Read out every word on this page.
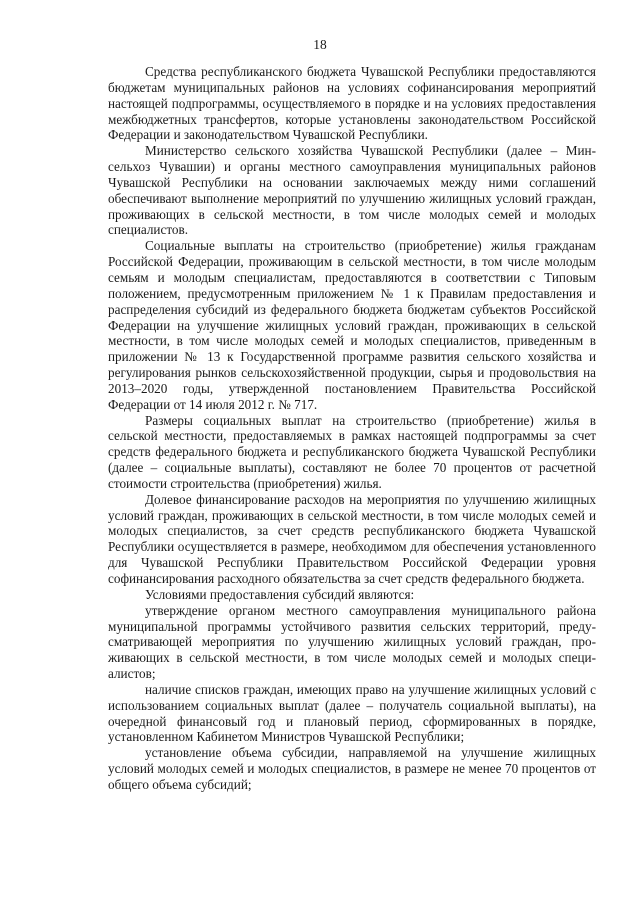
18

Средства республиканского бюджета Чувашской Республики предоставляются бюджетам муниципальных районов на условиях софинансирования мероприятий настоящей подпрограммы, осуществляемого в порядке и на условиях предоставления межбюджетных трансфертов, которые установлены законодательством Российской Федерации и законодательством Чувашской Республики.

Министерство сельского хозяйства Чувашской Республики (далее – Минсельхоз Чувашии) и органы местного самоуправления муниципальных районов Чувашской Республики на основании заключаемых между ними соглашений обеспечивают выполнение мероприятий по улучшению жилищных условий граждан, проживающих в сельской местности, в том числе молодых семей и молодых специалистов.

Социальные выплаты на строительство (приобретение) жилья гражданам Российской Федерации, проживающим в сельской местности, в том числе молодым семьям и молодым специалистам, предоставляются в соответствии с Типовым положением, предусмотренным приложением № 1 к Правилам предоставления и распределения субсидий из федерального бюджета бюджетам субъектов Российской Федерации на улучшение жилищных условий граждан, проживающих в сельской местности, в том числе молодых семей и молодых специалистов, приведенным в приложении № 13 к Государственной программе развития сельского хозяйства и регулирования рынков сельскохозяйственной продукции, сырья и продовольствия на 2013–2020 годы, утвержденной постановлением Правительства Российской Федерации от 14 июля 2012 г. № 717.

Размеры социальных выплат на строительство (приобретение) жилья в сельской местности, предоставляемых в рамках настоящей подпрограммы за счет средств федерального бюджета и республиканского бюджета Чувашской Республики (далее – социальные выплаты), составляют не более 70 процентов от расчетной стоимости строительства (приобретения) жилья.

Долевое финансирование расходов на мероприятия по улучшению жилищных условий граждан, проживающих в сельской местности, в том числе молодых семей и молодых специалистов, за счет средств республиканского бюджета Чувашской Республики осуществляется в размере, необходимом для обеспечения установленного для Чувашской Республики Правительством Российской Федерации уровня софинансирования расходного обязательства за счет средств федерального бюджета.

Условиями предоставления субсидий являются:

утверждение органом местного самоуправления муниципального района муниципальной программы устойчивого развития сельских территорий, предусматривающей мероприятия по улучшению жилищных условий граждан, проживающих в сельской местности, в том числе молодых семей и молодых специалистов;

наличие списков граждан, имеющих право на улучшение жилищных условий с использованием социальных выплат (далее – получатель социальной выплаты), на очередной финансовый год и плановый период, сформированных в порядке, установленном Кабинетом Министров Чувашской Республики;

установление объема субсидии, направляемой на улучшение жилищных условий молодых семей и молодых специалистов, в размере не менее 70 процентов от общего объема субсидий;
